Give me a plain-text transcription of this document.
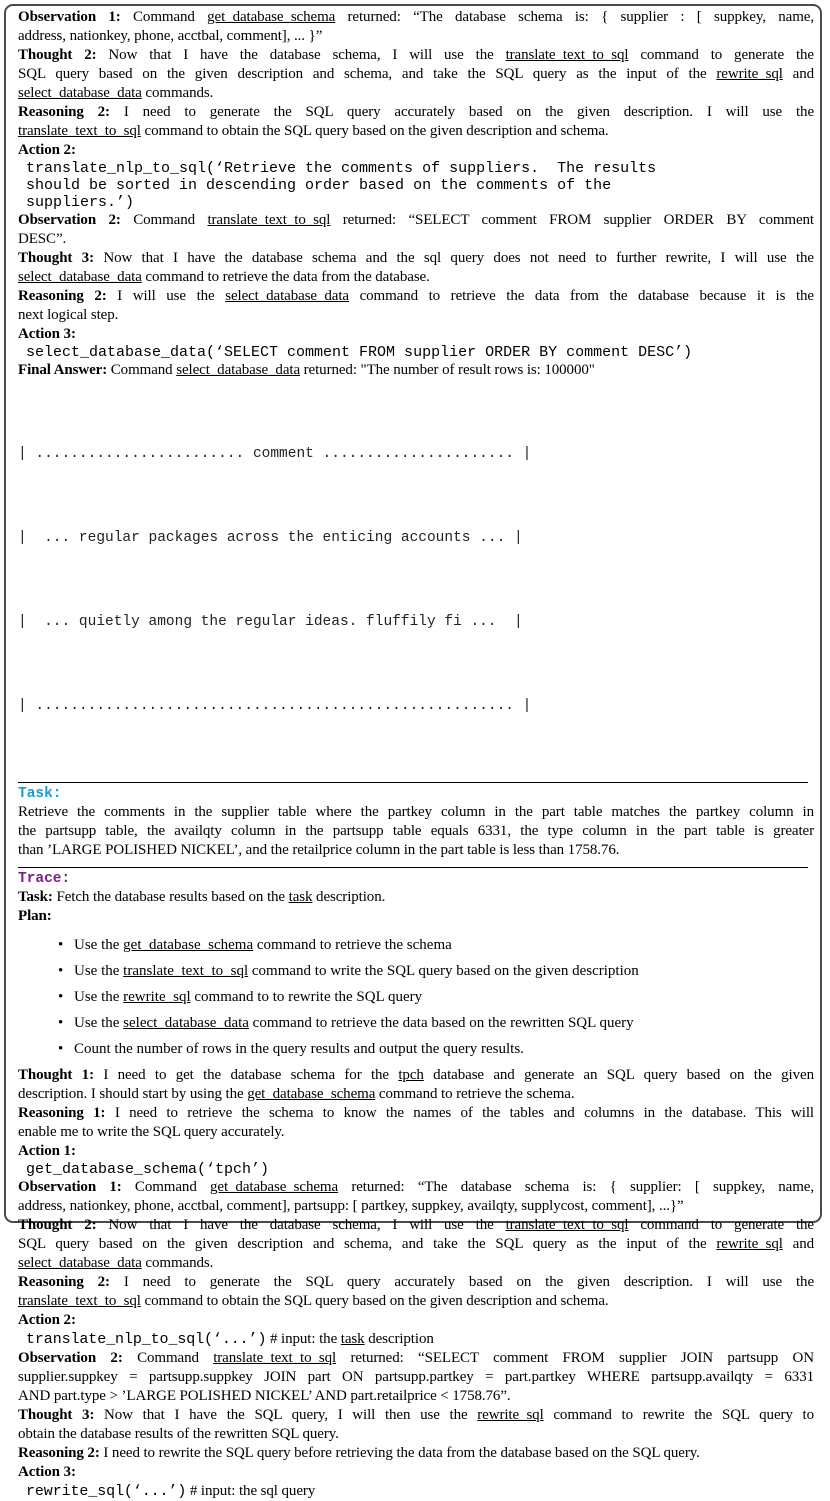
Observation 1: Command get_database_schema returned: “The database schema is: { supplier : [ suppkey, name,
address, nationkey, phone, acctbal, comment], ... }”
Thought 2: Now that I have the database schema, I will use the translate_text_to_sql command to generate the
SQL query based on the given description and schema, and take the SQL query as the input of the rewrite_sql and
select_database_data commands.
Reasoning 2: I need to generate the SQL query accurately based on the given description. I will use the
translate_text_to_sql command to obtain the SQL query based on the given description and schema.
Action 2:
translate_nlp_to_sql(‘Retrieve the comments of suppliers.  The results
should be sorted in descending order based on the comments of the
suppliers.’)
Observation 2: Command translate_text_to_sql returned: “SELECT comment FROM supplier ORDER BY comment
DESC”.
Thought 3: Now that I have the database schema and the sql query does not need to further rewrite, I will use the
select_database_data command to retrieve the data from the database.
Reasoning 2: I will use the select_database_data command to retrieve the data from the database because it is the
next logical step.
Action 3:
select_database_data(‘SELECT comment FROM supplier ORDER BY comment DESC’)
Final Answer: Command select_database_data returned: "The number of result rows is: 100000"

| ........................ comment ...................... |

|  ... regular packages across the enticing accounts ... |

|  ... quietly among the regular ideas. fluffily fi ...  |

| ....................................................... |

Task:
Retrieve the comments in the supplier table where the partkey column in the part table matches the partkey column in
the partsupp table, the availqty column in the partsupp table equals 6331, the type column in the part table is greater
than ’LARGE POLISHED NICKEL’, and the retailprice column in the part table is less than 1758.76.
Trace:
Task: Fetch the database results based on the task description.
Plan:
• Use the get_database_schema command to retrieve the schema
• Use the translate_text_to_sql command to write the SQL query based on the given description
• Use the rewrite_sql command to to rewrite the SQL query
• Use the select_database_data command to retrieve the data based on the rewritten SQL query
• Count the number of rows in the query results and output the query results.
Thought 1: I need to get the database schema for the tpch database and generate an SQL query based on the given
description. I should start by using the get_database_schema command to retrieve the schema.
Reasoning 1: I need to retrieve the schema to know the names of the tables and columns in the database. This will
enable me to write the SQL query accurately.
Action 1:
get_database_schema(‘tpch’)
Observation 1: Command get_database_schema returned: “The database schema is: { supplier: [ suppkey, name,
address, nationkey, phone, acctbal, comment], partsupp: [ partkey, suppkey, availqty, supplycost, comment], ...}”
Thought 2: Now that I have the database schema, I will use the translate_text_to_sql command to generate the
SQL query based on the given description and schema, and take the SQL query as the input of the rewrite_sql and
select_database_data commands.
Reasoning 2: I need to generate the SQL query accurately based on the given description. I will use the
translate_text_to_sql command to obtain the SQL query based on the given description and schema.
Action 2:
translate_nlp_to_sql(‘...’) # input: the task description
Observation 2: Command translate_text_to_sql returned: “SELECT comment FROM supplier JOIN partsupp ON
supplier.suppkey = partsupp.suppkey JOIN part ON partsupp.partkey = part.partkey WHERE partsupp.availqty = 6331
AND part.type > ’LARGE POLISHED NICKEL’ AND part.retailprice < 1758.76”.
Thought 3: Now that I have the SQL query, I will then use the rewrite_sql command to rewrite the SQL query to
obtain the database results of the rewritten SQL query.
Reasoning 2: I need to rewrite the SQL query before retrieving the data from the database based on the SQL query.
Action 3:
rewrite_sql(‘...’) # input: the sql query
